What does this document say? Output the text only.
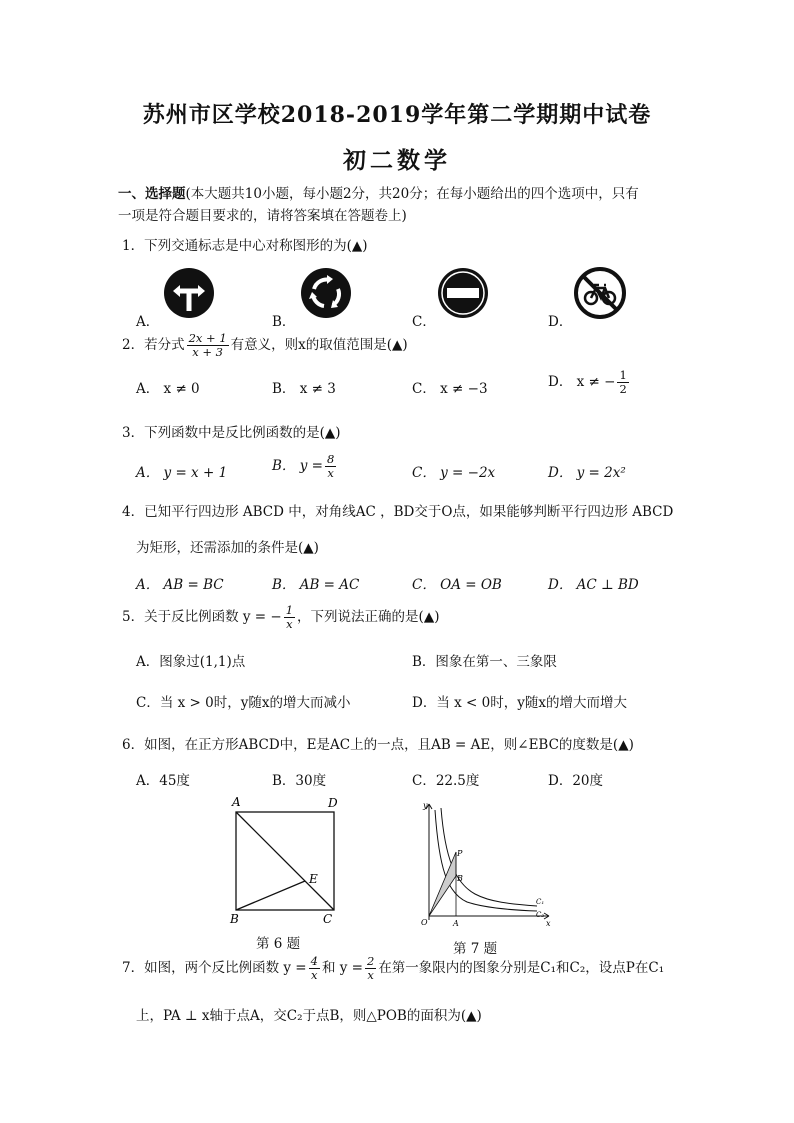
苏州市区学校2018-2019学年第二学期期中试卷
初二数学
一、选择题(本大题共10小题，每小题2分，共20分；在每小题给出的四个选项中，只有
一项是符合题目要求的，请将答案填在答题卷上)
1．下列交通标志是中心对称图形的为(▲)
A．	B．	C．	D．
2．若分式 $\frac{2x + 1}{x + 3}$ 有意义，则x的取值范围是(▲)
A． x ≠ 0	B． x ≠ 3	C． x ≠ −3	D． x ≠ − $\frac{1}{2}$
3．下列函数中是反比例函数的是(▲)
A． y = x + 1	B． $y = \frac{8}{x}$	C． y = −2x	D． y = 2x²
4．已知平行四边形 ABCD 中，对角线AC ，BD交于O点，如果能够判断平行四边形 ABCD
为矩形，还需添加的条件是(▲)
A． AB = BC	B． AB = AC	C． OA = OB	D． AC ⊥ BD
5．关于反比例函数 y = − $\frac{1}{x}$ ，下列说法正确的是(▲)
A．图象过(1,1)点	B．图象在第一、三象限
C．当 x > 0时，y随x的增大而减小	D．当 x < 0时，y随x的增大而增大
6．如图，在正方形ABCD中，E是AC上的一点，且AB = AE，则∠EBC的度数是(▲)
A．45度	B．30度	C．22.5度	D．20度
A	D
E
B	C
第 6 题
y
x
O	A
P
B
C₁
C₂
第 7 题
7．如图，两个反比例函数 $y = \frac{4}{x}$ 和 $y = \frac{2}{x}$ 在第一象限内的图象分别是C₁和C₂，设点P在C₁
上，PA ⊥ x轴于点A，交C₂于点B，则△POB的面积为(▲)
